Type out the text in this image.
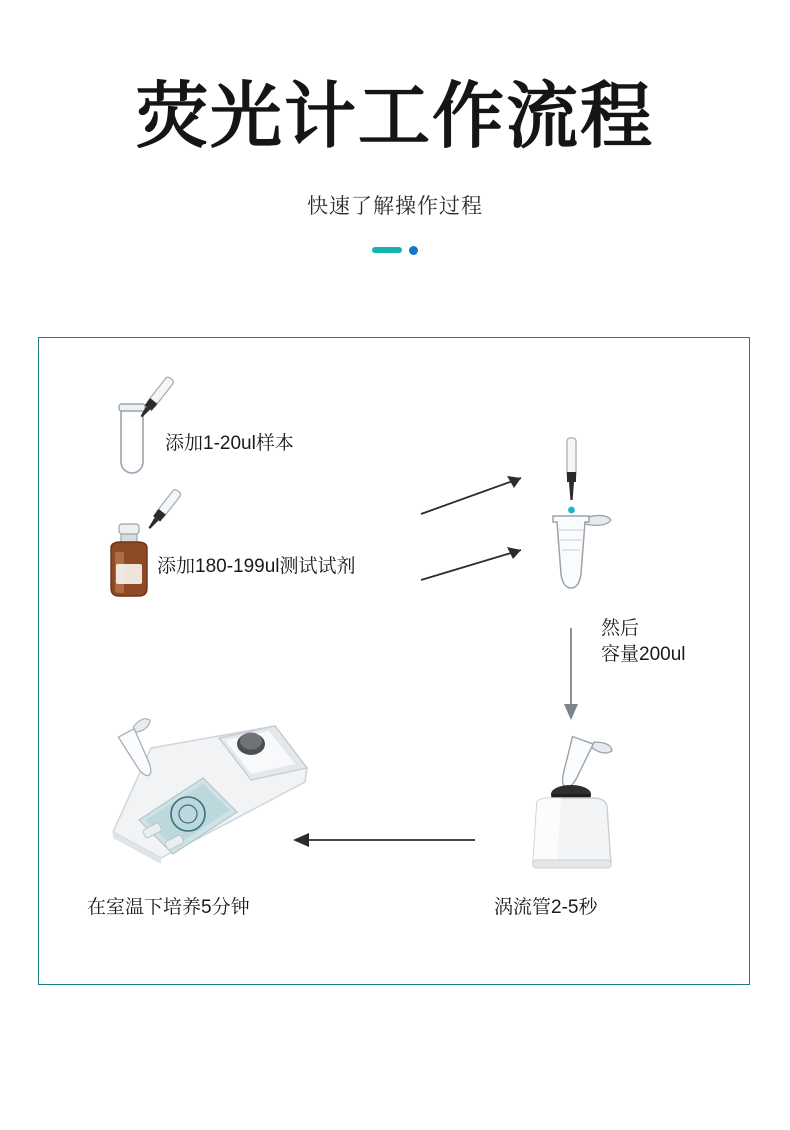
荧光计工作流程

快速了解操作过程

添加1-20ul样本
添加180-199ul测试试剂
然后
容量200ul
涡流管2-5秒
在室温下培养5分钟
